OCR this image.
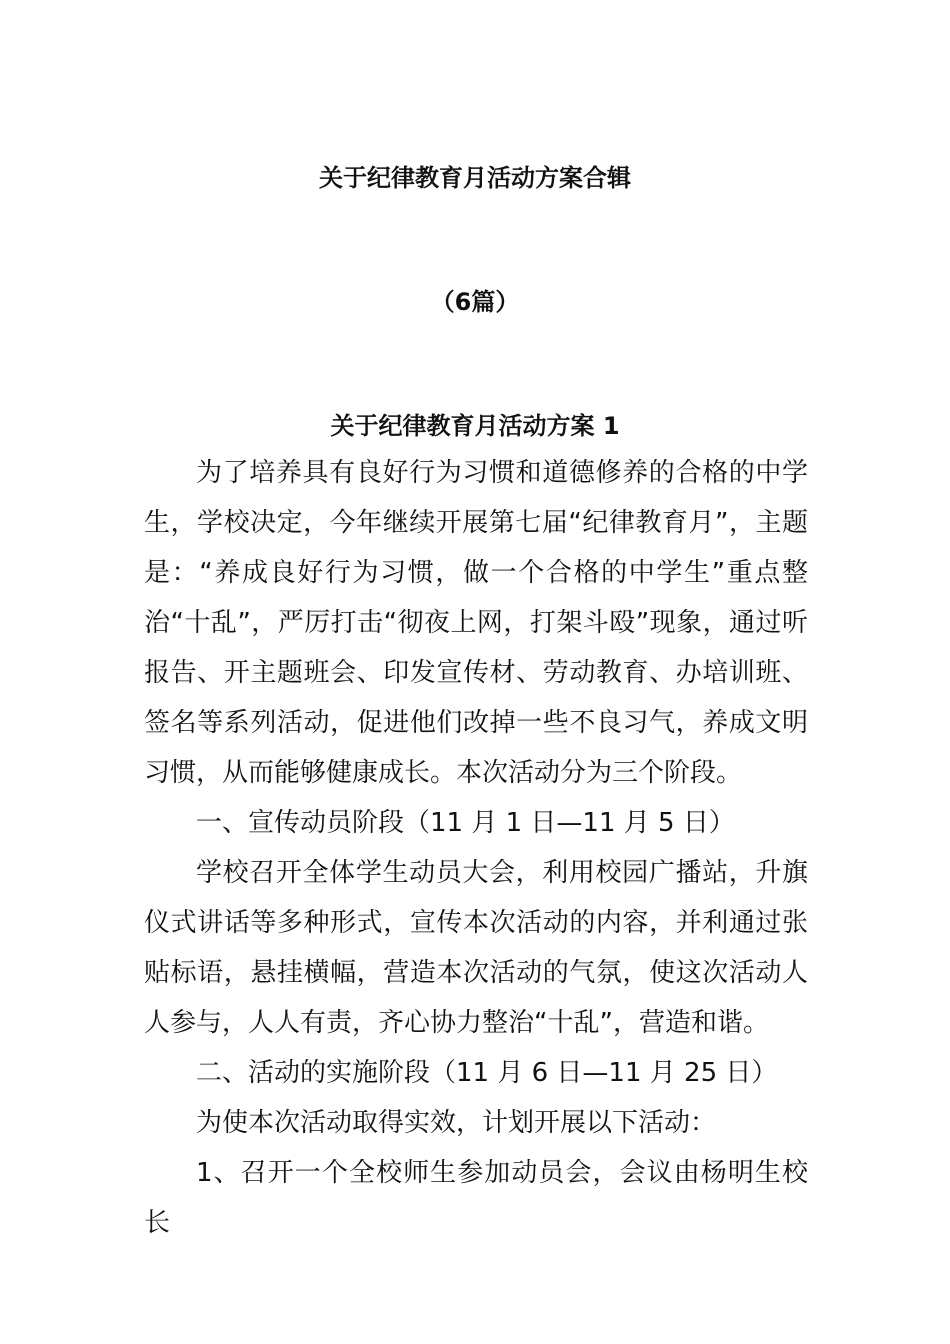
关于纪律教育月活动方案合辑
（6篇）
关于纪律教育月活动方案 1

为了培养具有良好行为习惯和道德修养的合格的中学生，学校决定，今年继续开展第七届“纪律教育月”，主题是：“养成良好行为习惯，做一个合格的中学生”重点整治“十乱”，严厉打击“彻夜上网，打架斗殴”现象，通过听报告、开主题班会、印发宣传材、劳动教育、办培训班、签名等系列活动，促进他们改掉一些不良习气，养成文明习惯，从而能够健康成长。本次活动分为三个阶段。

一、宣传动员阶段（11 月 1 日—11 月 5 日）

学校召开全体学生动员大会，利用校园广播站，升旗仪式讲话等多种形式，宣传本次活动的内容，并利通过张贴标语，悬挂横幅，营造本次活动的气氛，使这次活动人人参与，人人有责，齐心协力整治“十乱”，营造和谐。

二、活动的实施阶段（11 月 6 日—11 月 25 日）

为使本次活动取得实效，计划开展以下活动：

1、召开一个全校师生参加动员会，会议由杨明生校长
